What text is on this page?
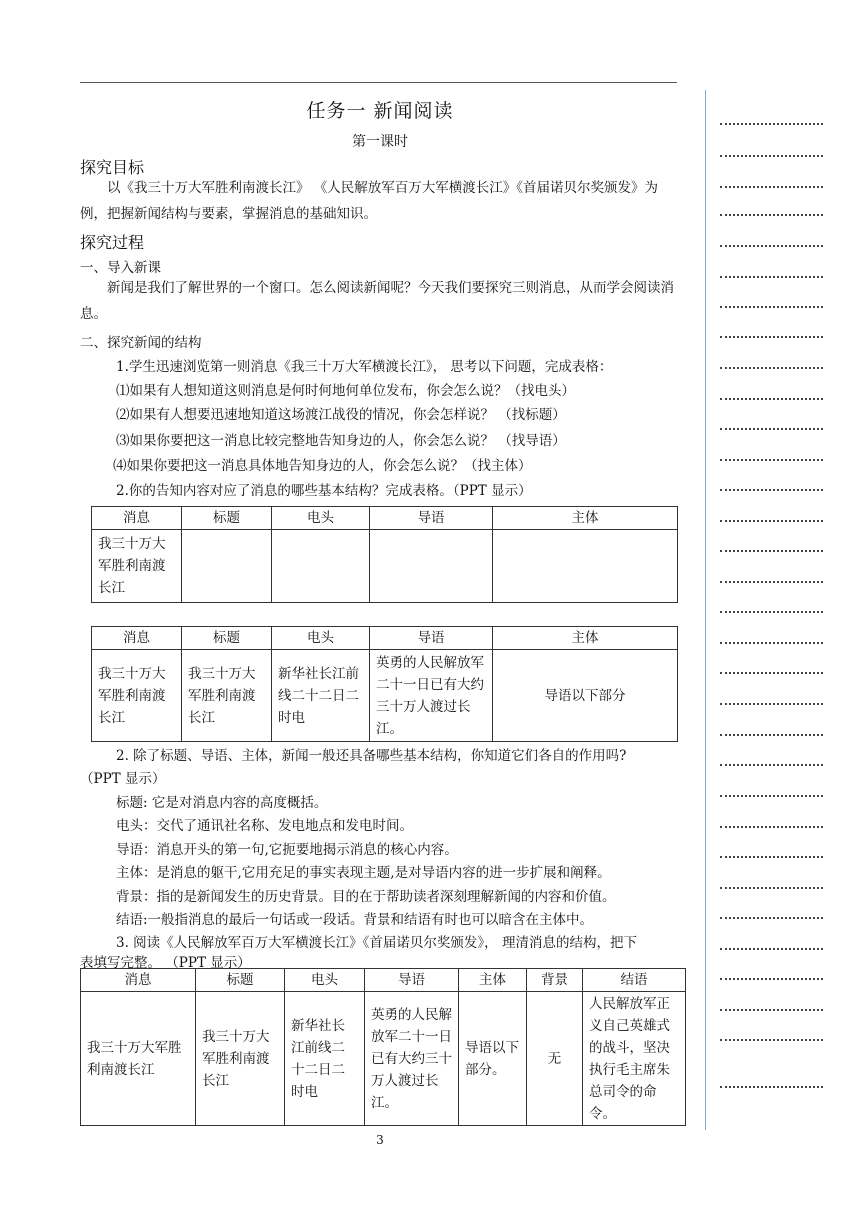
任务一 新闻阅读
第一课时
探究目标

以《我三十万大军胜利南渡长江》 《人民解放军百万大军横渡长江》《首届诺贝尔奖颁发》为例，把握新闻结构与要素，掌握消息的基础知识。

探究过程
一、导入新课

新闻是我们了解世界的一个窗口。怎么阅读新闻呢？今天我们要探究三则消息，从而学会阅读消息。

二、探究新闻的结构
1.学生迅速浏览第一则消息《我三十万大军横渡长江》， 思考以下问题，完成表格：
⑴如果有人想知道这则消息是何时何地何单位发布，你会怎么说？（找电头）
⑵如果有人想要迅速地知道这场渡江战役的情况，你会怎样说？ （找标题）
⑶如果你要把这一消息比较完整地告知身边的人，你会怎么说？ （找导语）
⑷如果你要把这一消息具体地告知身边的人，你会怎么说？（找主体）
2.你的告知内容对应了消息的哪些基本结构？完成表格。（PPT 显示）
消息	标题	电头	导语	主体
我三十万大军胜利南渡长江				
消息	标题	电头	导语	主体
我三十万大军胜利南渡长江	我三十万大军胜利南渡长江	新华社长江前线二十二日二时电	英勇的人民解放军二十一日已有大约三十万人渡过长江。	导语以下部分
2. 除了标题、导语、主体，新闻一般还具备哪些基本结构，你知道它们各自的作用吗?
（PPT 显示）
标题: 它是对消息内容的高度概括。
电头：交代了通讯社名称、发电地点和发电时间。
导语：消息开头的第一句,它扼要地揭示消息的核心内容。
主体：是消息的躯干,它用充足的事实表现主题,是对导语内容的进一步扩展和阐释。
背景：指的是新闻发生的历史背景。目的在于帮助读者深刻理解新闻的内容和价值。
结语:一般指消息的最后一句话或一段话。背景和结语有时也可以暗含在主体中。
3. 阅读《人民解放军百万大军横渡长江》《首届诺贝尔奖颁发》， 理清消息的结构，把下
表填写完整。 （PPT 显示）
消息	标题	电头	导语	主体	背景	结语
我三十万大军胜利南渡长江	我三十万大军胜利南渡长江	新华社长江前线二十二日二时电	英勇的人民解放军二十一日已有大约三十万人渡过长江。	导语以下部分。	无	人民解放军正义自己英雄式的战斗，坚决执行毛主席朱总司令的命令。
3
